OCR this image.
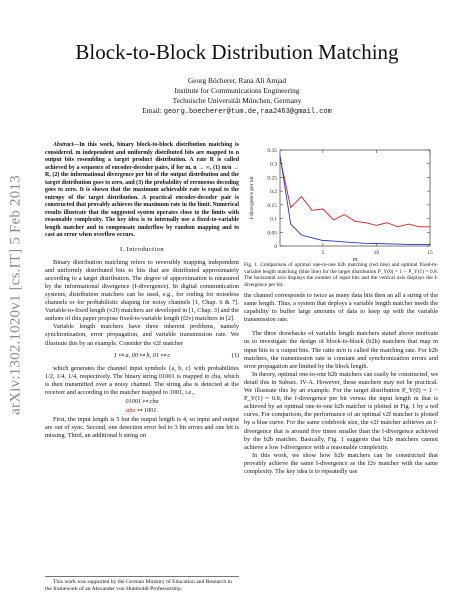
arXiv:1302.1020v1 [cs.IT] 5 Feb 2013
Block-to-Block Distribution Matching
Georg Böcherer, Rana Ali Amjad
Institute for Communications Engineering
Technische Universität München, Germany
Email: georg.boecherer@tum.de,raa2463@gmail.com

Abstract—In this work, binary block-to-block distribution matching is considered. m independent and uniformly distributed bits are mapped to n output bits resembling a target product distribution. A rate R is called achieved by a sequence of encoder-decoder pairs, if for m, n → ∞, (1) m/n → R, (2) the informational divergence per bit of the output distribution and the target distribution goes to zero, and (3) the probability of erroneous decoding goes to zero. It is shown that the maximum achievable rate is equal to the entropy of the target distribution. A practical encoder-decoder pair is constructed that provably achieves the maximum rate in the limit. Numerical results illustrate that the suggested system operates close to the limits with reasonable complexity. The key idea is to internally use a fixed-to-variable length matcher and to compensate underflow by random mapping and to cast an error when overflow occurs.

I. Introduction

Binary distribution matching refers to reversibly mapping independent and uniformly distributed bits to bits that are distributed approximately according to a target distribution. The degree of approximation is measured by the informational divergence (I-divergence). In digital communication systems, distribution matchers can be used, e.g., for coding for noiseless channels or for probabilistic shaping for noisy channels [1, Chap. 6 & 7]. Variable-to-fixed length (v2f) matchers are developed in [1, Chap. 3] and the authors of this paper propose fixed-to-variable length (f2v) matchers in [2].

Variable length matchers have three inherent problems, namely synchronization, error propagation, and variable transmission rate. We illustrate this by an example. Consider the v2f matcher

1 ↦ a, 00 ↦ b, 01 ↦ c	(1)

which generates the channel input symbols {a, b, c} with probabilities 1/2, 1/4, 1/4, respectively. The binary string 01001 is mapped to cba, which is then transmitted over a noisy channel. The string aba is detected at the receiver and according to the matcher mapped to 1001, i.e.,

01001 ↦ cba
aba ↦ 1001.

First, the input length is 5 but the output length is 4, so input and output are out of sync. Second, one detection error led to 3 bit errors and one bit is missing. Third, an additional b string on

This work was supported by the German Ministry of Education and Research in the framework of an Alexander von Humboldt Professorship.

0
0.05
0.1
0.15
0.2
0.25
0.3
0.35
5	10	15
m
I-divergence per bit
Fig. 1. Comparison of optimal one-to-one b2b matching (red line) and optimal fixed-to-variable length matching (blue line) for the target distribution P_Y(0) = 1 − P_Y(1) = 0.8. The horizontal axis displays the number of input bits and the vertical axis displays the I-divergence per bit.

the channel corresponds to twice as many data bits then an all a string of the same length. Thus, a system that deploys a variable length matcher needs the capability to buffer large amounts of data to keep up with the variable transmission rate.

The three drawbacks of variable length matchers stated above motivate us to investigate the design of block-to-block (b2b) matchers that map m input bits to n output bits. The ratio m/n is called the matching rate. For b2b matchers, the transmission rate is constant and synchronization errors and error propagation are limited by the block length.

In theory, optimal one-to-one b2b matchers can easily be constructed, we detail this in Subsec. IV-A. However, these matchers may not be practical. We illustrate this by an example. For the target distribution P_Y(0) = 1 − P_Y(1) = 0.8, the I-divergence per bit versus the input length m that is achieved by an optimal one-to-one b2b matcher is plotted in Fig. 1 by a red curve. For comparison, the performance of an optimal v2f matcher is plotted by a blue curve. For the same codebook size, the v2f matcher achieves an I-divergence that is around five times smaller than the I-divergence achieved by the b2b matcher. Basically, Fig. 1 suggests that b2b matchers cannot achieve a low I-divergence with a reasonable complexity.

In this work, we show how b2b matchers can be constructed that provably achieve the same I-divergence as the f2v matcher with the same complexity. The key idea is to repeatedly use
